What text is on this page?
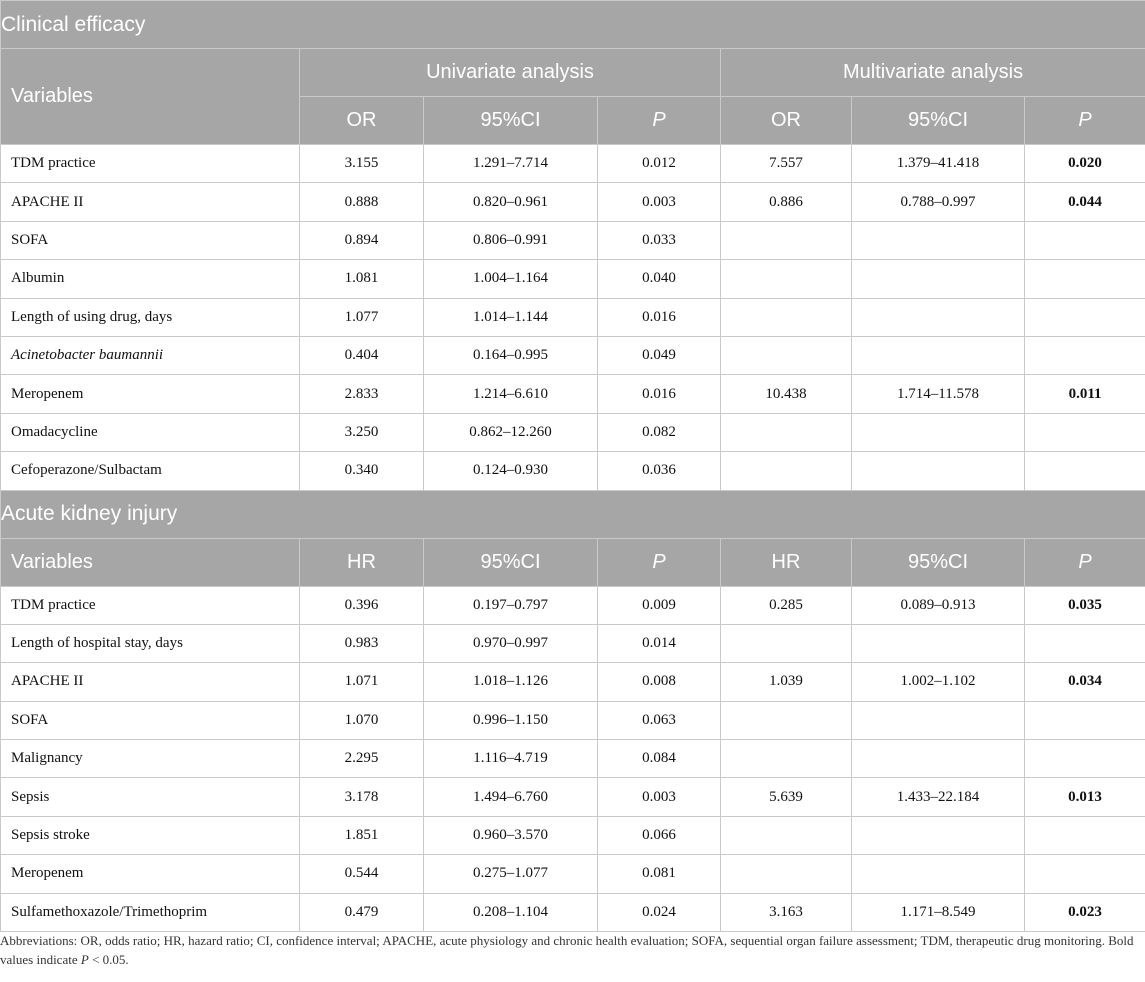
Clinical efficacy						
Variables	Univariate analysis			Multivariate analysis		
	OR	95%CI	P	OR	95%CI	P
TDM practice	3.155	1.291–7.714	0.012	7.557	1.379–41.418	0.020
APACHE II	0.888	0.820–0.961	0.003	0.886	0.788–0.997	0.044
SOFA	0.894	0.806–0.991	0.033			
Albumin	1.081	1.004–1.164	0.040			
Length of using drug, days	1.077	1.014–1.144	0.016			
Acinetobacter baumannii	0.404	0.164–0.995	0.049			
Meropenem	2.833	1.214–6.610	0.016	10.438	1.714–11.578	0.011
Omadacycline	3.250	0.862–12.260	0.082			
Cefoperazone/Sulbactam	0.340	0.124–0.930	0.036			
Acute kidney injury						
Variables	HR	95%CI	P	HR	95%CI	P
TDM practice	0.396	0.197–0.797	0.009	0.285	0.089–0.913	0.035
Length of hospital stay, days	0.983	0.970–0.997	0.014			
APACHE II	1.071	1.018–1.126	0.008	1.039	1.002–1.102	0.034
SOFA	1.070	0.996–1.150	0.063			
Malignancy	2.295	1.116–4.719	0.084			
Sepsis	3.178	1.494–6.760	0.003	5.639	1.433–22.184	0.013
Sepsis stroke	1.851	0.960–3.570	0.066			
Meropenem	0.544	0.275–1.077	0.081			
Sulfamethoxazole/Trimethoprim	0.479	0.208–1.104	0.024	3.163	1.171–8.549	0.023
Abbreviations: OR, odds ratio; HR, hazard ratio; CI, confidence interval; APACHE, acute physiology and chronic health evaluation; SOFA, sequential organ failure assessment; TDM, therapeutic drug monitoring. Bold values indicate P < 0.05.
